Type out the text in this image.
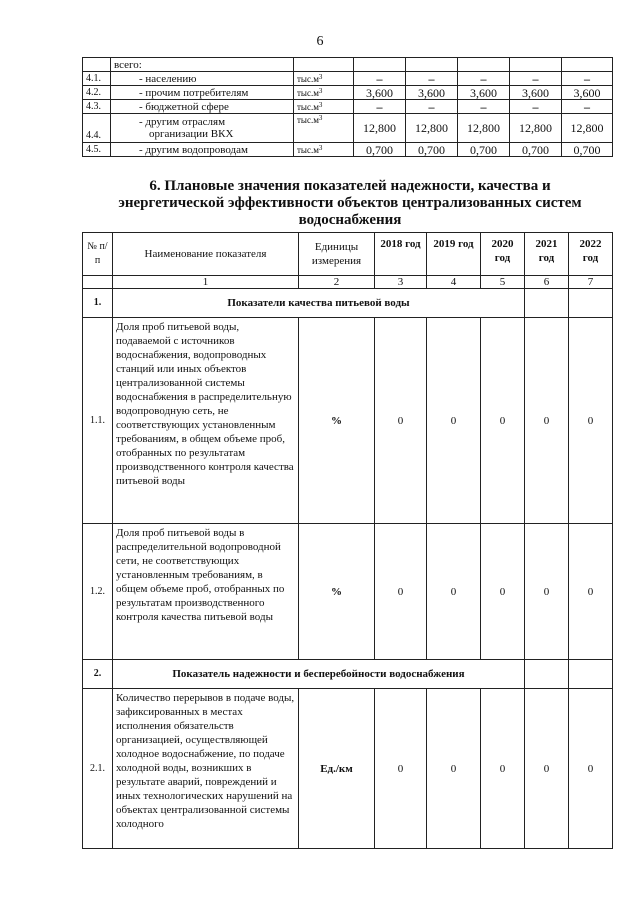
6
	всего:						
4.1.	- населению	$тыс.м^3$	–	–	–	–	–
4.2.	- прочим потребителям	$тыс.м^3$	3,600	3,600	3,600	3,600	3,600
4.3.	- бюджетной сфере	$тыс.м^3$	–	–	–	–	–
4.4.	- другим отраслям
организации ВКХ	$тыс.м^3$	12,800	12,800	12,800	12,800	12,800
4.5.	- другим водопроводам	$тыс.м^3$	0,700	0,700	0,700	0,700	0,700
6. Плановые значения показателей надежности, качества и энергетической эффективности объектов централизованных систем водоснабжения
№ п/п	Наименование показателя	Единицы измерения	2018 год	2019 год	2020 год	2021 год	2022 год
	1	2	3	4	5	6	7
1.	Показатели качества питьевой воды						
1.1.	Доля проб питьевой воды, подаваемой с источников водоснабжения, водопроводных станций или иных объектов централизованной системы водоснабжения в распределительную водопроводную сеть, не соответствующих установленным требованиям, в общем объеме проб, отобранных по результатам производственного контроля качества питьевой воды	%	0	0	0	0	0
1.2.	Доля проб питьевой воды в распределительной водопроводной сети, не соответствующих установленным требованиям, в общем объеме проб, отобранных по результатам производственного контроля качества питьевой воды	%	0	0	0	0	0
2.	Показатель надежности и бесперебойности водоснабжения						
2.1.	Количество перерывов в подаче воды, зафиксированных в местах исполнения обязательств организацией, осуществляющей холодное водоснабжение, по подаче холодной воды, возникших в результате аварий, повреждений и иных технологических нарушений на объектах централизованной системы холодного	Ед./км	0	0	0	0	0
